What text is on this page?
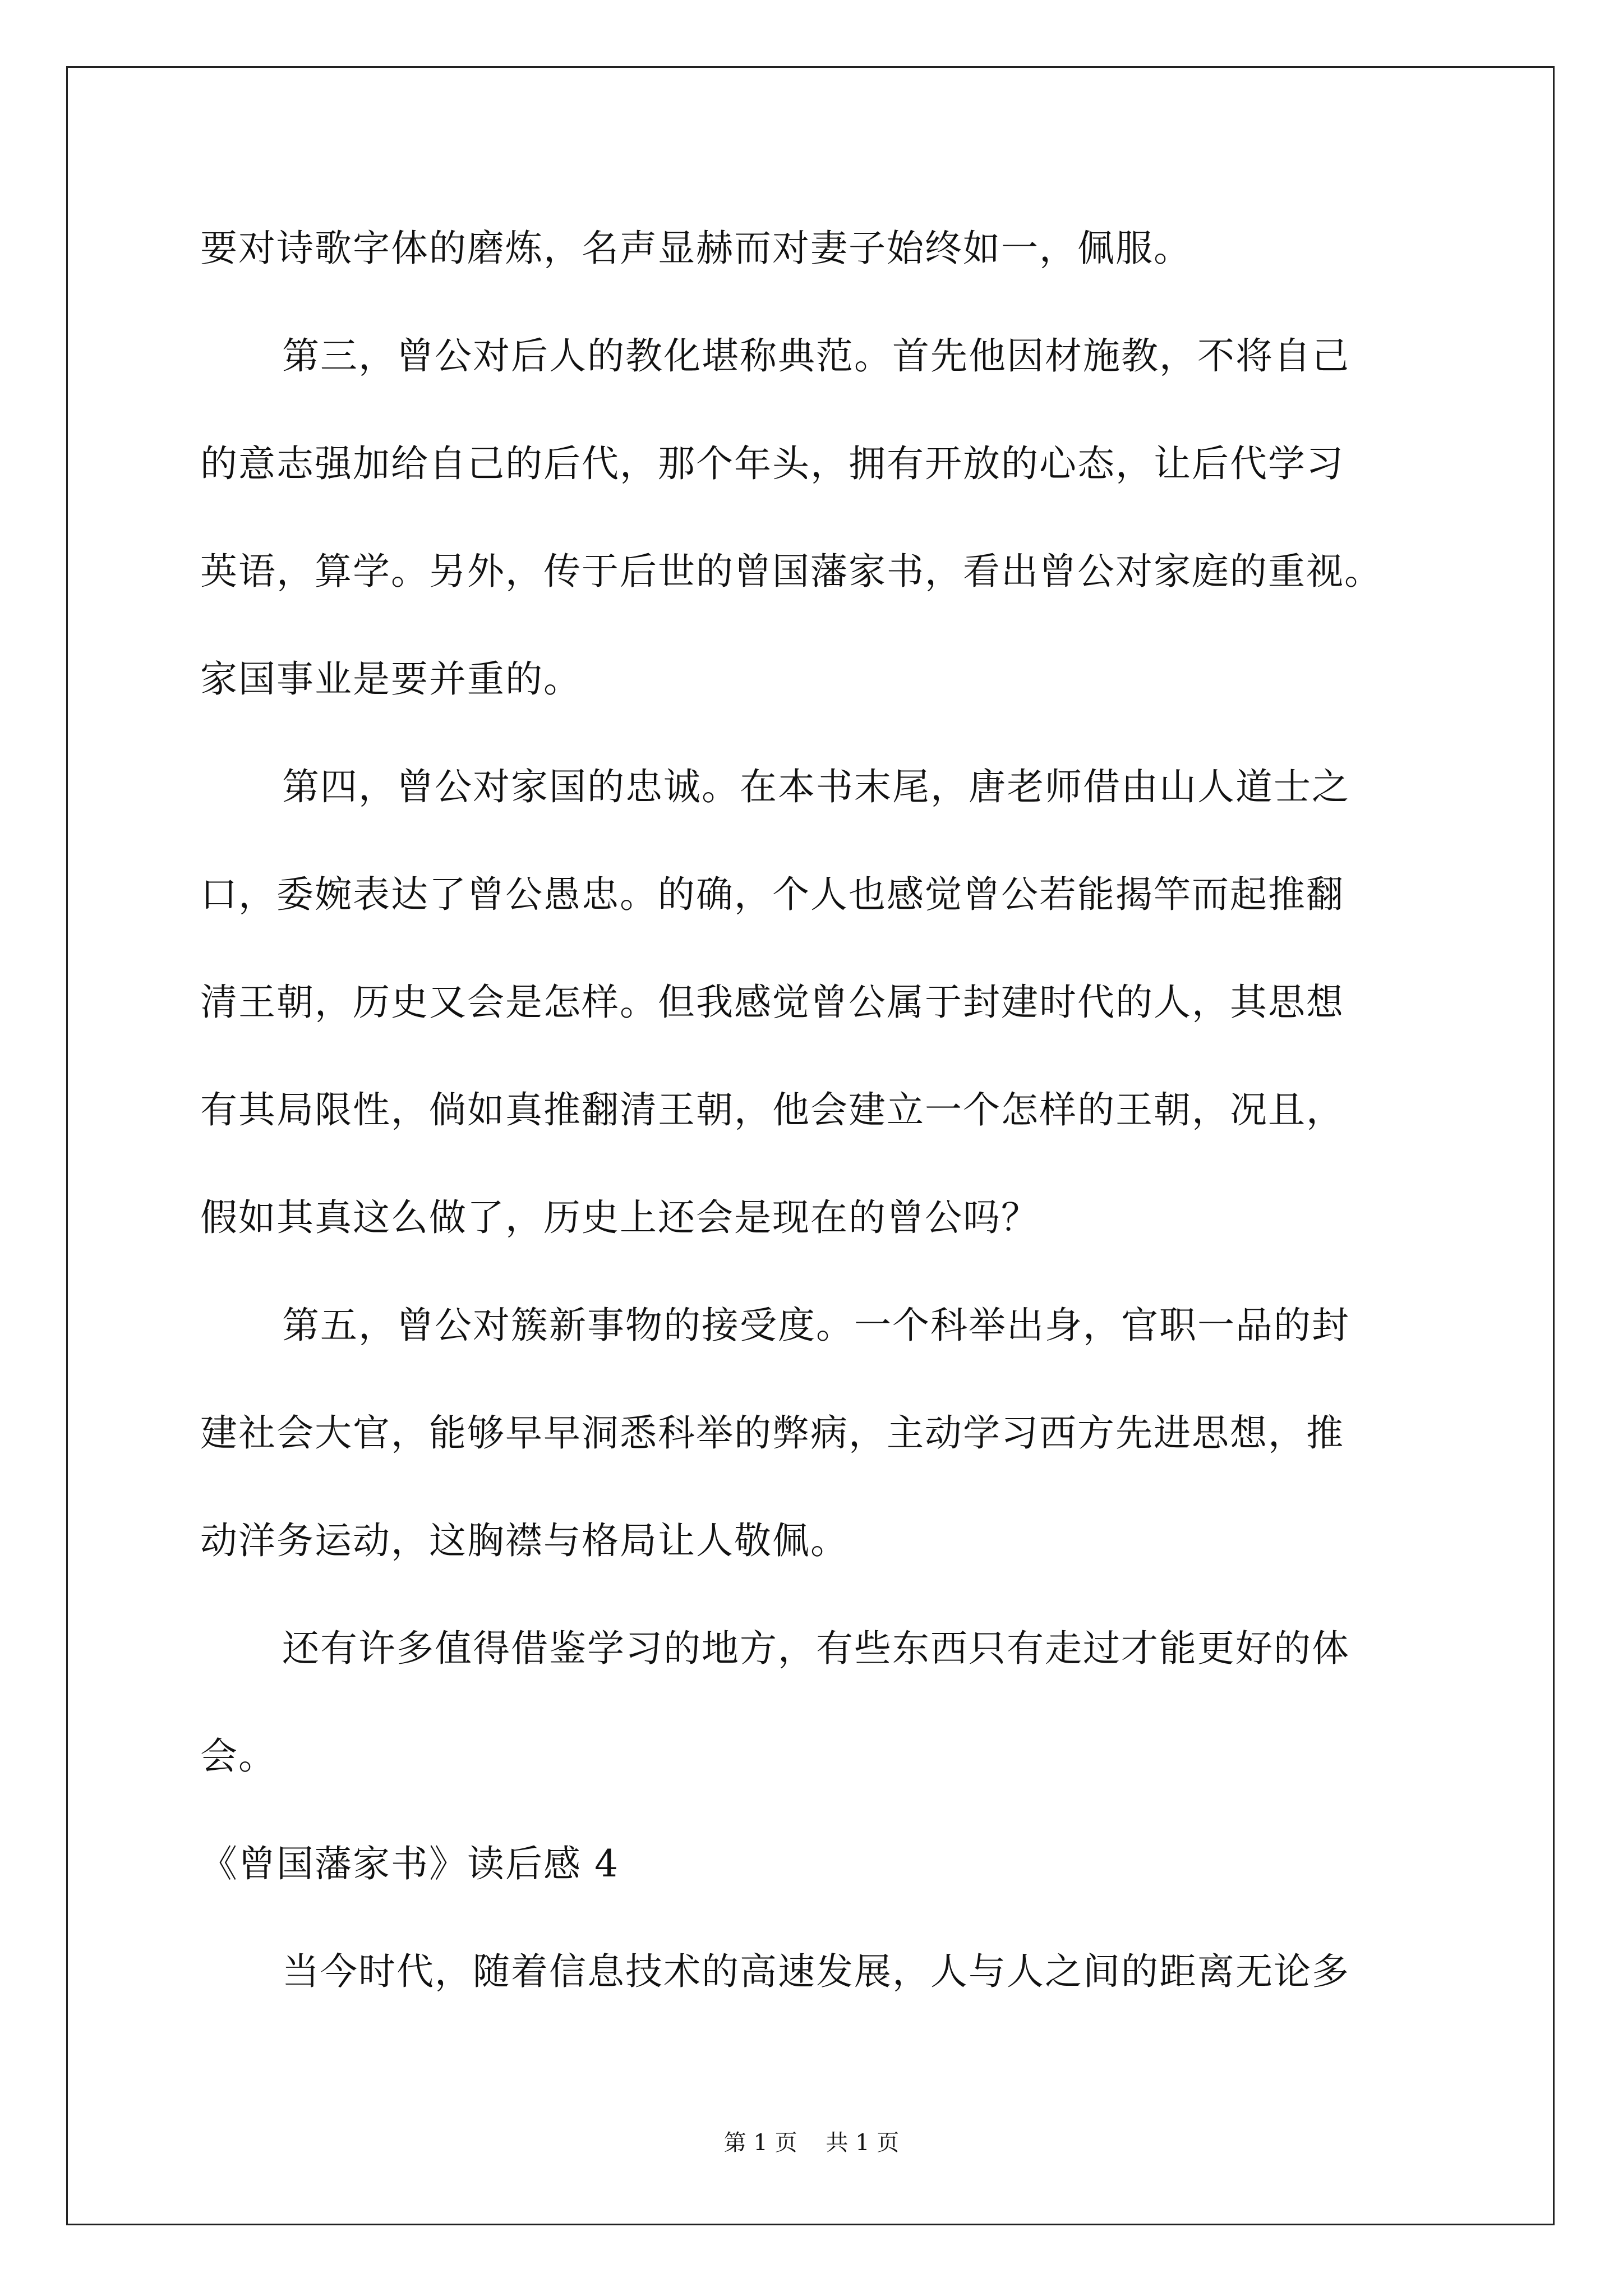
要对诗歌字体的磨炼，名声显赫而对妻子始终如一，佩服。
第三，曾公对后人的教化堪称典范。首先他因材施教，不将自己
的意志强加给自己的后代，那个年头，拥有开放的心态，让后代学习
英语，算学。另外，传于后世的曾国藩家书，看出曾公对家庭的重视。
家国事业是要并重的。
第四，曾公对家国的忠诚。在本书末尾，唐老师借由山人道士之
口，委婉表达了曾公愚忠。的确，个人也感觉曾公若能揭竿而起推翻
清王朝，历史又会是怎样。但我感觉曾公属于封建时代的人，其思想
有其局限性，倘如真推翻清王朝，他会建立一个怎样的王朝，况且，
假如其真这么做了，历史上还会是现在的曾公吗？
第五，曾公对簇新事物的接受度。一个科举出身，官职一品的封
建社会大官，能够早早洞悉科举的弊病，主动学习西方先进思想，推
动洋务运动，这胸襟与格局让人敬佩。
还有许多值得借鉴学习的地方，有些东西只有走过才能更好的体
会。
《曾国藩家书》读后感 4
当今时代，随着信息技术的高速发展，人与人之间的距离无论多
第 1 页    共 1 页
